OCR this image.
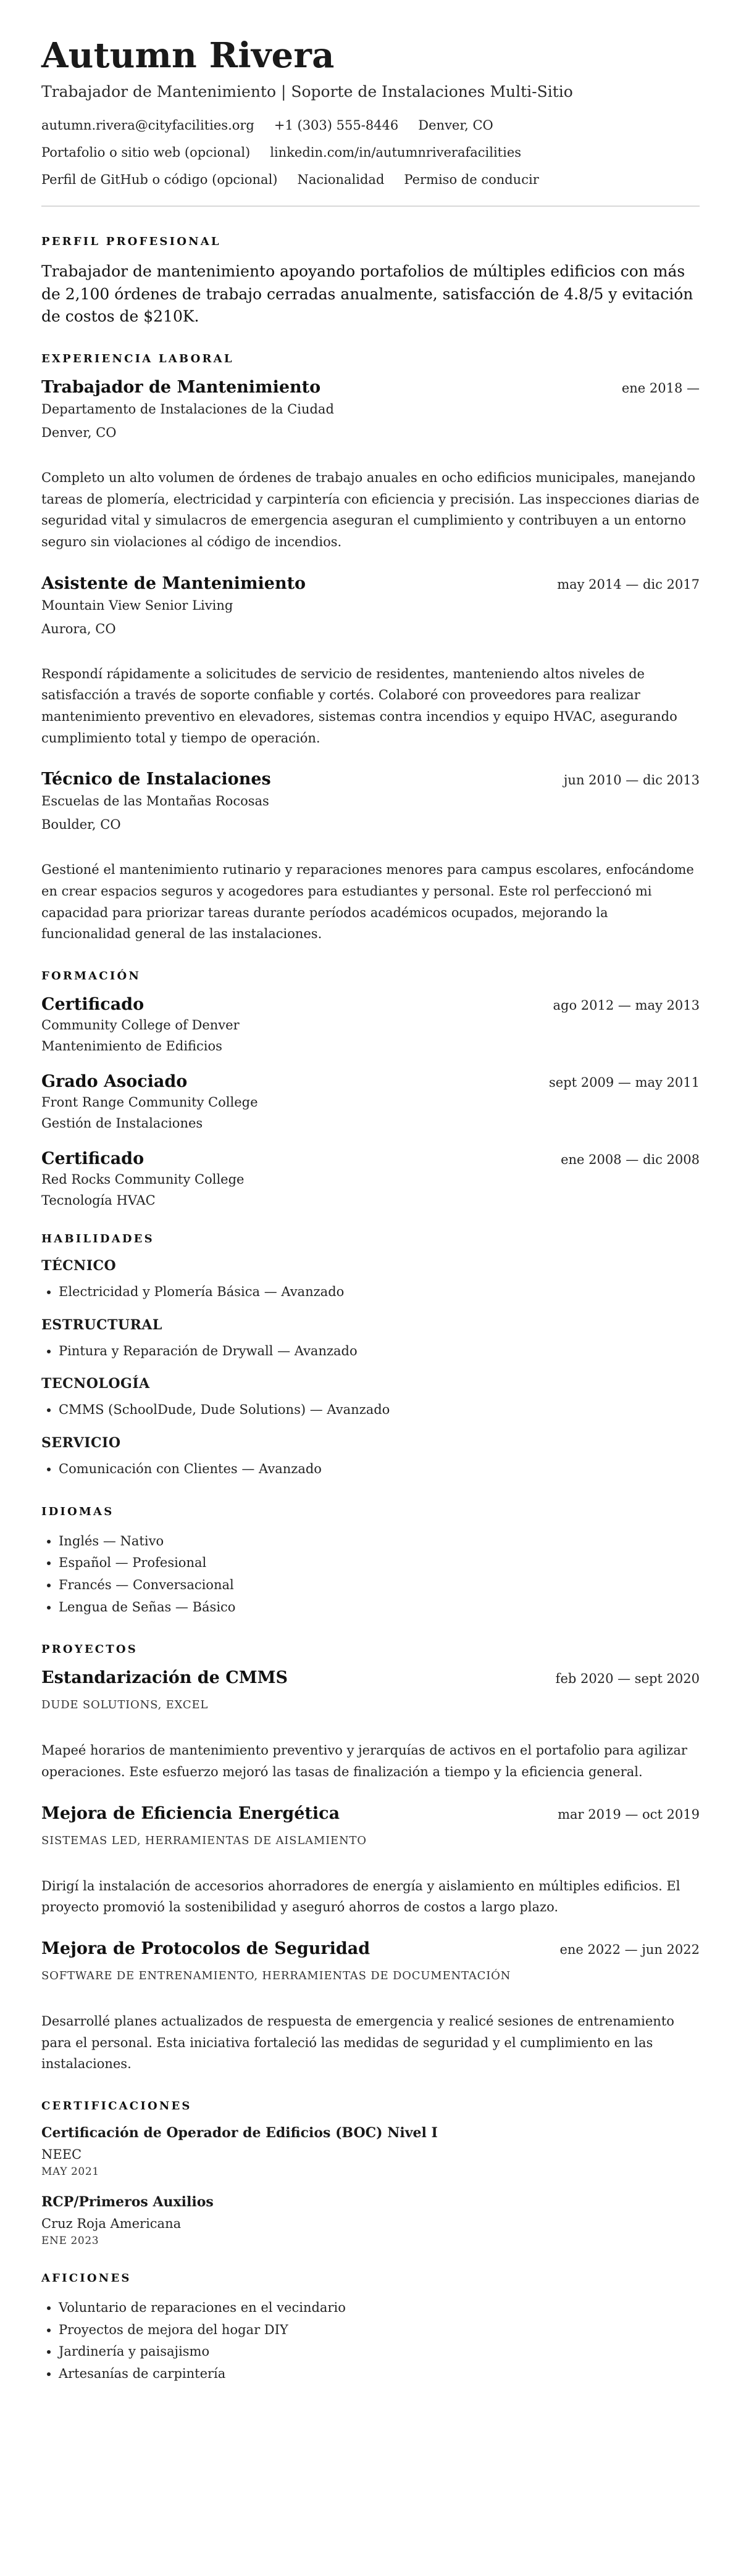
Autumn Rivera
Trabajador de Mantenimiento | Soporte de Instalaciones Multi-Sitio
autumn.rivera@cityfacilities.org +1 (303) 555-8446 Denver, CO
Portafolio o sitio web (opcional) linkedin.com/in/autumnriverafacilities
Perfil de GitHub o código (opcional) Nacionalidad Permiso de conducir
PERFIL PROFESIONAL

Trabajador de mantenimiento apoyando portafolios de múltiples edificios con más de 2,100 órdenes de trabajo cerradas anualmente, satisfacción de 4.8/5 y evitación de costos de $210K.

EXPERIENCIA LABORAL
Trabajador de Mantenimiento	ene 2018 —
Departamento de Instalaciones de la Ciudad
Denver, CO
Completo un alto volumen de órdenes de trabajo anuales en ocho edificios municipales, manejando tareas de plomería, electricidad y carpintería con eficiencia y precisión. Las inspecciones diarias de seguridad vital y simulacros de emergencia aseguran el cumplimiento y contribuyen a un entorno seguro sin violaciones al código de incendios.
Asistente de Mantenimiento	may 2014 — dic 2017
Mountain View Senior Living
Aurora, CO
Respondí rápidamente a solicitudes de servicio de residentes, manteniendo altos niveles de satisfacción a través de soporte confiable y cortés. Colaboré con proveedores para realizar mantenimiento preventivo en elevadores, sistemas contra incendios y equipo HVAC, asegurando cumplimiento total y tiempo de operación.
Técnico de Instalaciones	jun 2010 — dic 2013
Escuelas de las Montañas Rocosas
Boulder, CO
Gestioné el mantenimiento rutinario y reparaciones menores para campus escolares, enfocándome en crear espacios seguros y acogedores para estudiantes y personal. Este rol perfeccionó mi capacidad para priorizar tareas durante períodos académicos ocupados, mejorando la funcionalidad general de las instalaciones.
FORMACIÓN
Certificado	ago 2012 — may 2013
Community College of Denver
Mantenimiento de Edificios
Grado Asociado	sept 2009 — may 2011
Front Range Community College
Gestión de Instalaciones
Certificado	ene 2008 — dic 2008
Red Rocks Community College
Tecnología HVAC
HABILIDADES
TÉCNICO
• Electricidad y Plomería Básica — Avanzado
ESTRUCTURAL
• Pintura y Reparación de Drywall — Avanzado
TECNOLOGÍA
• CMMS (SchoolDude, Dude Solutions) — Avanzado
SERVICIO
• Comunicación con Clientes — Avanzado
IDIOMAS
• Inglés — Nativo
• Español — Profesional
• Francés — Conversacional
• Lengua de Señas — Básico
PROYECTOS
Estandarización de CMMS	feb 2020 — sept 2020
DUDE SOLUTIONS, EXCEL
Mapeé horarios de mantenimiento preventivo y jerarquías de activos en el portafolio para agilizar operaciones. Este esfuerzo mejoró las tasas de finalización a tiempo y la eficiencia general.
Mejora de Eficiencia Energética	mar 2019 — oct 2019
SISTEMAS LED, HERRAMIENTAS DE AISLAMIENTO
Dirigí la instalación de accesorios ahorradores de energía y aislamiento en múltiples edificios. El proyecto promovió la sostenibilidad y aseguró ahorros de costos a largo plazo.
Mejora de Protocolos de Seguridad	ene 2022 — jun 2022
SOFTWARE DE ENTRENAMIENTO, HERRAMIENTAS DE DOCUMENTACIÓN
Desarrollé planes actualizados de respuesta de emergencia y realicé sesiones de entrenamiento para el personal. Esta iniciativa fortaleció las medidas de seguridad y el cumplimiento en las instalaciones.
CERTIFICACIONES
Certificación de Operador de Edificios (BOC) Nivel I
NEEC
MAY 2021
RCP/Primeros Auxilios
Cruz Roja Americana
ENE 2023
AFICIONES
• Voluntario de reparaciones en el vecindario
• Proyectos de mejora del hogar DIY
• Jardinería y paisajismo
• Artesanías de carpintería
